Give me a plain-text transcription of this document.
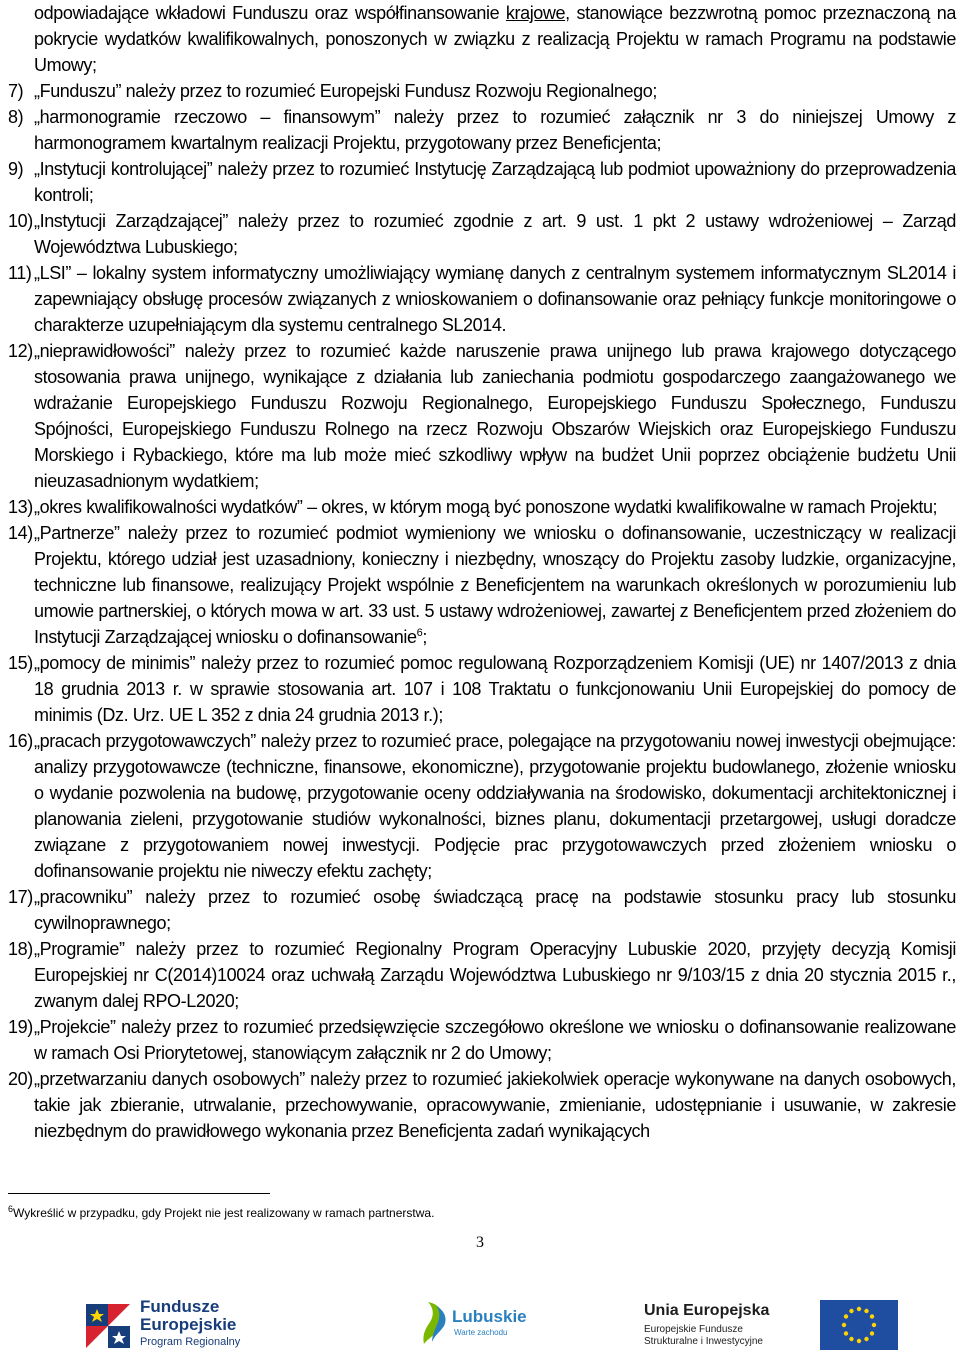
odpowiadające wkładowi Funduszu oraz współfinansowanie krajowe, stanowiące bezzwrotną pomoc przeznaczoną na pokrycie wydatków kwalifikowalnych, ponoszonych w związku z realizacją Projektu w ramach Programu na podstawie Umowy;

7) „Funduszu” należy przez to rozumieć Europejski Fundusz Rozwoju Regionalnego;
8) „harmonogramie rzeczowo – finansowym” należy przez to rozumieć załącznik nr 3 do niniejszej Umowy z harmonogramem kwartalnym realizacji Projektu, przygotowany przez Beneficjenta;
9) „Instytucji kontrolującej” należy przez to rozumieć Instytucję Zarządzającą lub podmiot upoważniony do przeprowadzenia kontroli;
10) „Instytucji Zarządzającej” należy przez to rozumieć zgodnie z art. 9 ust. 1 pkt 2 ustawy wdrożeniowej – Zarząd Województwa Lubuskiego;
11) „LSI” – lokalny system informatyczny umożliwiający wymianę danych z centralnym systemem informatycznym SL2014 i zapewniający obsługę procesów związanych z wnioskowaniem o dofinansowanie oraz pełniący funkcje monitoringowe o charakterze uzupełniającym dla systemu centralnego SL2014.
12) „nieprawidłowości” należy przez to rozumieć każde naruszenie prawa unijnego lub prawa krajowego dotyczącego stosowania prawa unijnego, wynikające z działania lub zaniechania podmiotu gospodarczego zaangażowanego we wdrażanie Europejskiego Funduszu Rozwoju Regionalnego, Europejskiego Funduszu Społecznego, Funduszu Spójności, Europejskiego Funduszu Rolnego na rzecz Rozwoju Obszarów Wiejskich oraz Europejskiego Funduszu Morskiego i Rybackiego, które ma lub może mieć szkodliwy wpływ na budżet Unii poprzez obciążenie budżetu Unii nieuzasadnionym wydatkiem;
13) „okres kwalifikowalności wydatków” – okres, w którym mogą być ponoszone wydatki kwalifikowalne w ramach Projektu;
14) „Partnerze” należy przez to rozumieć podmiot wymieniony we wniosku o dofinansowanie, uczestniczący w realizacji Projektu, którego udział jest uzasadniony, konieczny i niezbędny, wnoszący do Projektu zasoby ludzkie, organizacyjne, techniczne lub finansowe, realizujący Projekt wspólnie z Beneficjentem na warunkach określonych w porozumieniu lub umowie partnerskiej, o których mowa w art. 33 ust. 5 ustawy wdrożeniowej, zawartej z Beneficjentem przed złożeniem do Instytucji Zarządzającej wniosku o dofinansowanie$^6$;
15) „pomocy de minimis” należy przez to rozumieć pomoc regulowaną Rozporządzeniem Komisji (UE) nr 1407/2013 z dnia 18 grudnia 2013 r. w sprawie stosowania art. 107 i 108 Traktatu o funkcjonowaniu Unii Europejskiej do pomocy de minimis (Dz. Urz. UE L 352 z dnia 24 grudnia 2013 r.);
16) „pracach przygotowawczych” należy przez to rozumieć prace, polegające na przygotowaniu nowej inwestycji obejmujące: analizy przygotowawcze (techniczne, finansowe, ekonomiczne), przygotowanie projektu budowlanego, złożenie wniosku o wydanie pozwolenia na budowę, przygotowanie oceny oddziaływania na środowisko, dokumentacji architektonicznej i planowania zieleni, przygotowanie studiów wykonalności, biznes planu, dokumentacji przetargowej, usługi doradcze związane z przygotowaniem nowej inwestycji. Podjęcie prac przygotowawczych przed złożeniem wniosku o dofinansowanie projektu nie niweczy efektu zachęty;
17) „pracowniku” należy przez to rozumieć osobę świadczącą pracę na podstawie stosunku pracy lub stosunku cywilnoprawnego;
18) „Programie” należy przez to rozumieć Regionalny Program Operacyjny Lubuskie 2020, przyjęty decyzją Komisji Europejskiej nr C(2014)10024 oraz uchwałą Zarządu Województwa Lubuskiego nr 9/103/15 z dnia 20 stycznia 2015 r., zwanym dalej RPO-L2020;
19) „Projekcie” należy przez to rozumieć przedsięwzięcie szczegółowo określone we wniosku o dofinansowanie realizowane w ramach Osi Priorytetowej, stanowiącym załącznik nr 2 do Umowy;
20) „przetwarzaniu danych osobowych” należy przez to rozumieć jakiekolwiek operacje wykonywane na danych osobowych, takie jak zbieranie, utrwalanie, przechowywanie, opracowywanie, zmienianie, udostępnianie i usuwanie, w zakresie niezbędnym do prawidłowego wykonania przez Beneficjenta zadań wynikających
$^6$Wykreślić w przypadku, gdy Projekt nie jest realizowany w ramach partnerstwa.
3
Fundusze
Europejskie
Program Regionalny
Lubuskie
Warte zachodu
Unia Europejska
Europejskie Fundusze
Strukturalne i Inwestycyjne
